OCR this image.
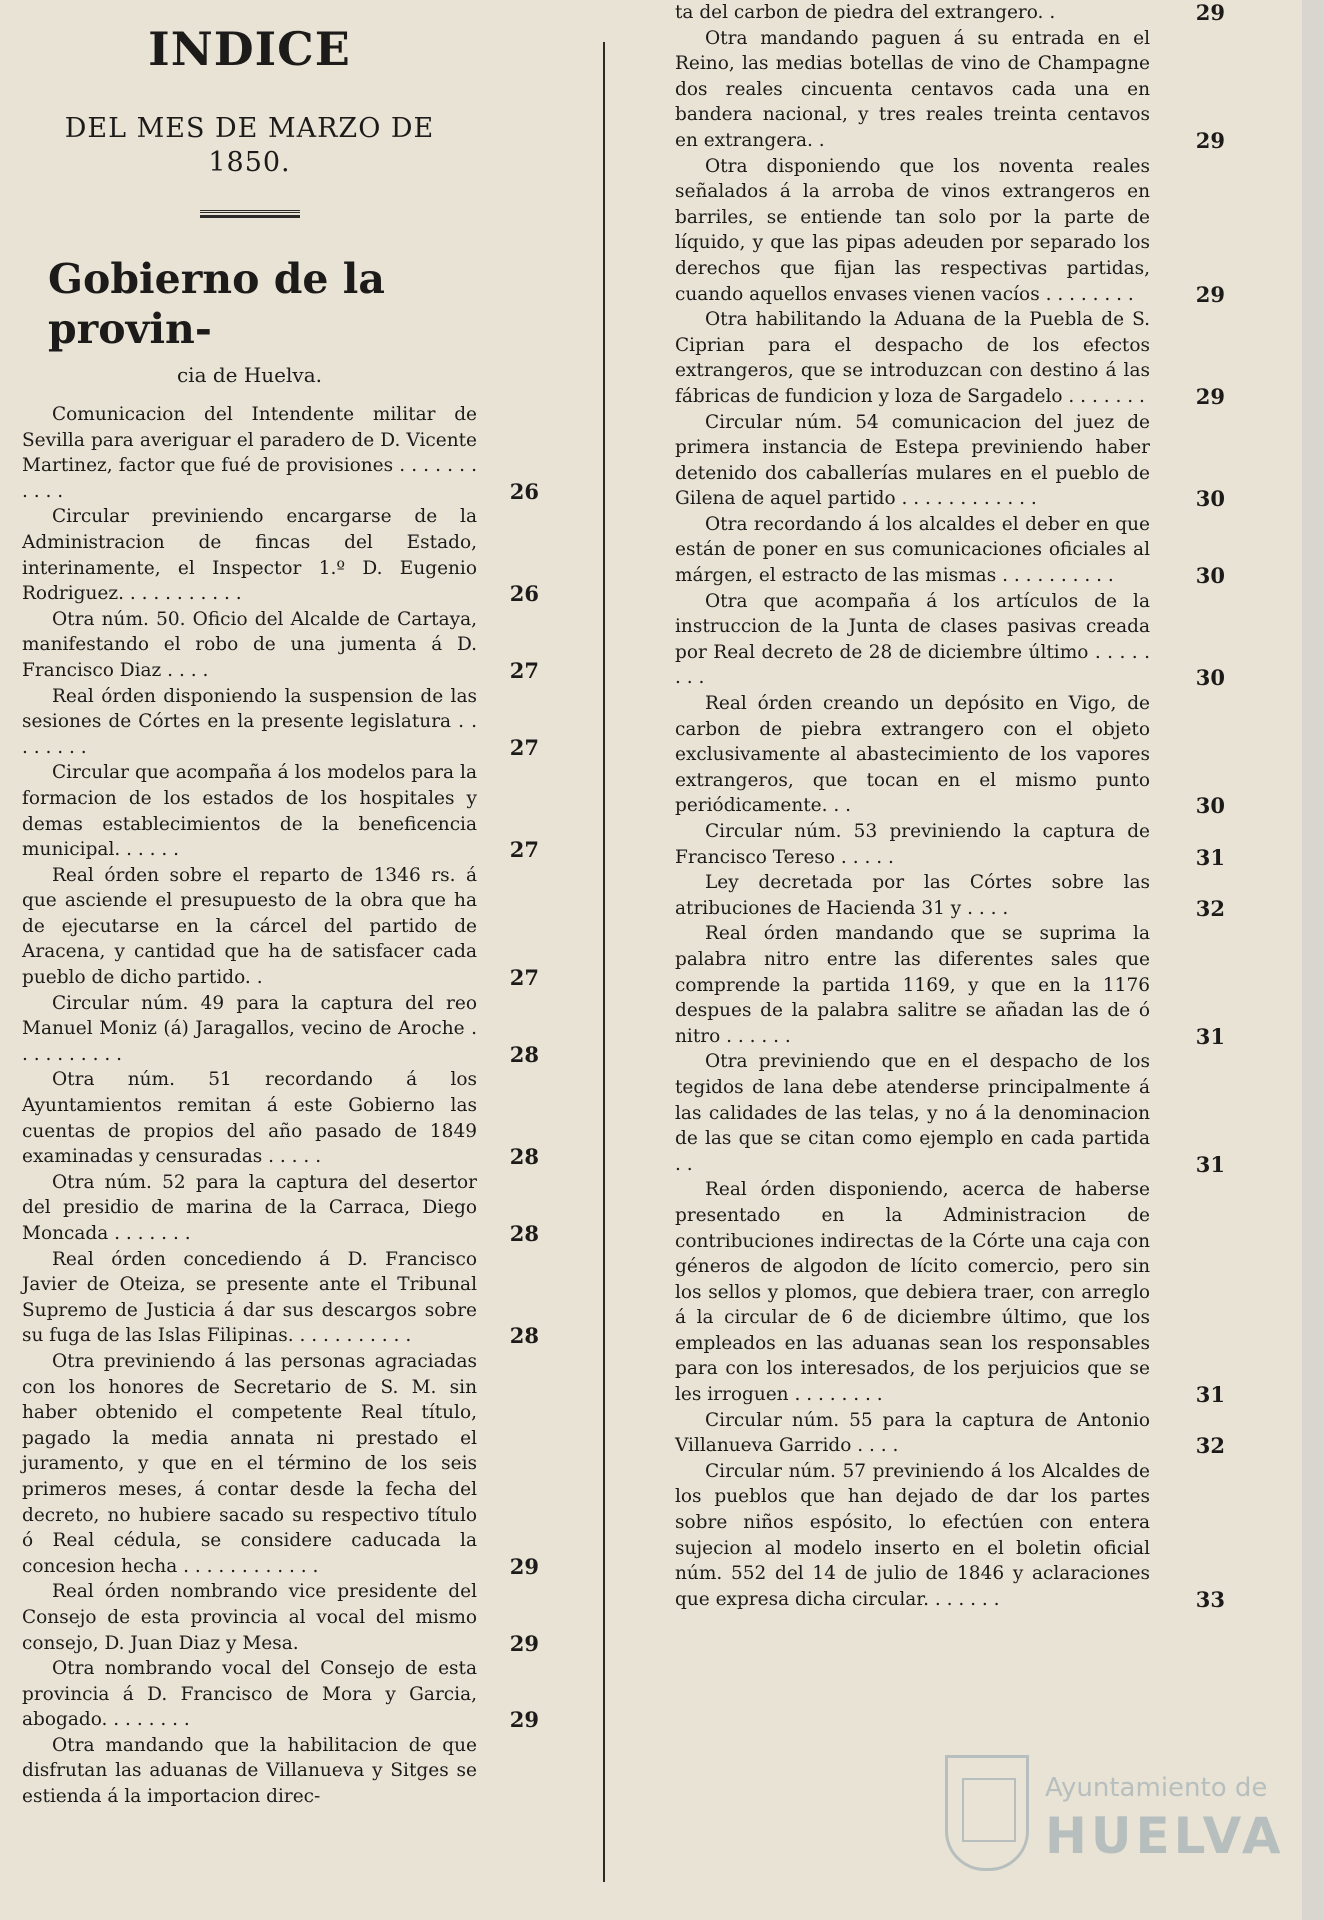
INDICE
DEL MES DE MARZO DE 1850.
Gobierno de la provin-
cia de Huelva.

Comunicacion del Intendente militar de Sevilla para averiguar el paradero de D. Vicente Martinez, factor que fué de provisiones . . . . . . . . . . .	26

Circular previniendo encargarse de la Administracion de fincas del Estado, interinamente, el Inspector 1.º D. Eugenio Rodriguez. . . . . . . . . . .	26

Otra núm. 50. Oficio del Alcalde de Cartaya, manifestando el robo de una jumenta á D. Francisco Diaz . . . .	27

Real órden disponiendo la suspension de las sesiones de Córtes en la presente legislatura . . . . . . . .	27

Circular que acompaña á los modelos para la formacion de los estados de los hospitales y demas establecimientos de la beneficencia municipal. . . . . .	27

Real órden sobre el reparto de 1346 rs. á que asciende el presupuesto de la obra que ha de ejecutarse en la cárcel del partido de Aracena, y cantidad que ha de satisfacer cada pueblo de dicho partido. .	27

Circular núm. 49 para la captura del reo Manuel Moniz (á) Jaragallos, vecino de Aroche . . . . . . . . . .	28

Otra núm. 51 recordando á los Ayuntamientos remitan á este Gobierno las cuentas de propios del año pasado de 1849 examinadas y censuradas . . . . .	28

Otra núm. 52 para la captura del desertor del presidio de marina de la Carraca, Diego Moncada . . . . . . .	28

Real órden concediendo á D. Francisco Javier de Oteiza, se presente ante el Tribunal Supremo de Justicia á dar sus descargos sobre su fuga de las Islas Filipinas. . . . . . . . . . .	28

Otra previniendo á las personas agraciadas con los honores de Secretario de S. M. sin haber obtenido el competente Real título, pagado la media annata ni prestado el juramento, y que en el término de los seis primeros meses, á contar desde la fecha del decreto, no hubiere sacado su respectivo título ó Real cédula, se considere caducada la concesion hecha . . . . . . . . . . . .	29

Real órden nombrando vice presidente del Consejo de esta provincia al vocal del mismo consejo, D. Juan Diaz y Mesa.	29

Otra nombrando vocal del Consejo de esta provincia á D. Francisco de Mora y Garcia, abogado. . . . . . . .	29

Otra mandando que la habilitacion de que disfrutan las aduanas de Villanueva y Sitges se estienda á la importacion direc-

ta del carbon de piedra del extrangero. .	29

Otra mandando paguen á su entrada en el Reino, las medias botellas de vino de Champagne dos reales cincuenta centavos cada una en bandera nacional, y tres reales treinta centavos en extrangera. .	29

Otra disponiendo que los noventa reales señalados á la arroba de vinos extrangeros en barriles, se entiende tan solo por la parte de líquido, y que las pipas adeuden por separado los derechos que fijan las respectivas partidas, cuando aquellos envases vienen vacíos . . . . . . . .	29

Otra habilitando la Aduana de la Puebla de S. Ciprian para el despacho de los efectos extrangeros, que se introduzcan con destino á las fábricas de fundicion y loza de Sargadelo . . . . . . .	29

Circular núm. 54 comunicacion del juez de primera instancia de Estepa previniendo haber detenido dos caballerías mulares en el pueblo de Gilena de aquel partido . . . . . . . . . . . .	30

Otra recordando á los alcaldes el deber en que están de poner en sus comunicaciones oficiales al márgen, el estracto de las mismas . . . . . . . . . .	30

Otra que acompaña á los artículos de la instruccion de la Junta de clases pasivas creada por Real decreto de 28 de diciembre último . . . . . . . .	30

Real órden creando un depósito en Vigo, de carbon de piebra extrangero con el objeto exclusivamente al abastecimiento de los vapores extrangeros, que tocan en el mismo punto periódicamente. . .	30

Circular núm. 53 previniendo la captura de Francisco Tereso . . . . .	31

Ley decretada por las Córtes sobre las atribuciones de Hacienda 31 y . . . .	32

Real órden mandando que se suprima la palabra nitro entre las diferentes sales que comprende la partida 1169, y que en la 1176 despues de la palabra salitre se añadan las de ó nitro . . . . . .	31

Otra previniendo que en el despacho de los tegidos de lana debe atenderse principalmente á las calidades de las telas, y no á la denominacion de las que se citan como ejemplo en cada partida . .	31

Real órden disponiendo, acerca de haberse presentado en la Administracion de contribuciones indirectas de la Córte una caja con géneros de algodon de lícito comercio, pero sin los sellos y plomos, que debiera traer, con arreglo á la circular de 6 de diciembre último, que los empleados en las aduanas sean los responsables para con los interesados, de los perjuicios que se les irroguen . . . . . . . .	31

Circular núm. 55 para la captura de Antonio Villanueva Garrido . . . .	32

Circular núm. 57 previniendo á los Alcaldes de los pueblos que han dejado de dar los partes sobre niños espósito, lo efectúen con entera sujecion al modelo inserto en el boletin oficial núm. 552 del 14 de julio de 1846 y aclaraciones que expresa dicha circular. . . . . . .	33
Ayuntamiento de
HUELVA
